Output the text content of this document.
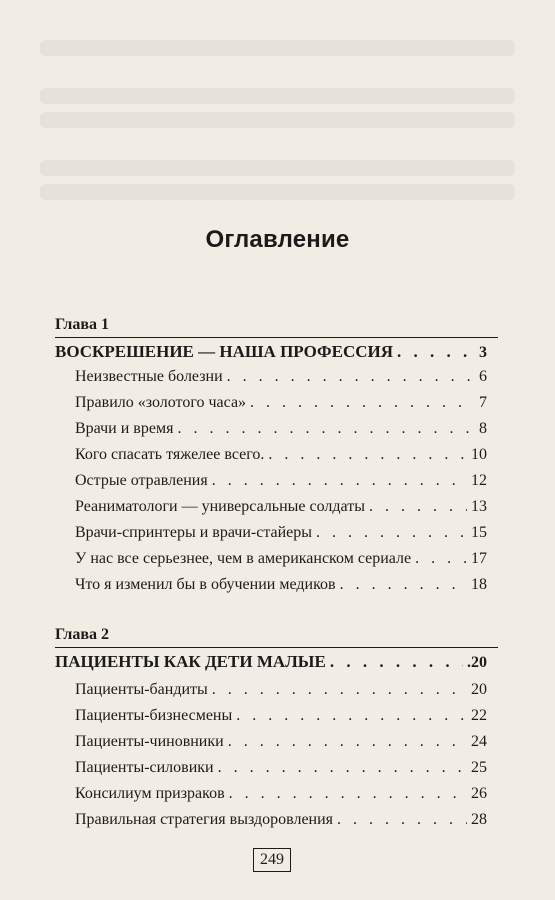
Оглавление
Глава 1
ВОСКРЕШЕНИЕ — НАША ПРОФЕССИЯ . . .	3
Неизвестные болезни . . .	6
Правило «золотого часа» . . .	7
Врачи и время . . .	8
Кого спасать тяжелее всего. . . .	10
Острые отравления . . .	12
Реаниматологи — универсальные солдаты . . .	13
Врачи-спринтеры и врачи-стайеры . . .	15
У нас все серьезнее, чем в американском сериале . . .	17
Что я изменил бы в обучении медиков . . .	18
Глава 2
ПАЦИЕНТЫ КАК ДЕТИ МАЛЫЕ . . .	.20
Пациенты-бандиты . . .	20
Пациенты-бизнесмены . . .	22
Пациенты-чиновники . . .	24
Пациенты-силовики . . .	25
Консилиум призраков . . .	26
Правильная стратегия выздоровления . . .	28
249
